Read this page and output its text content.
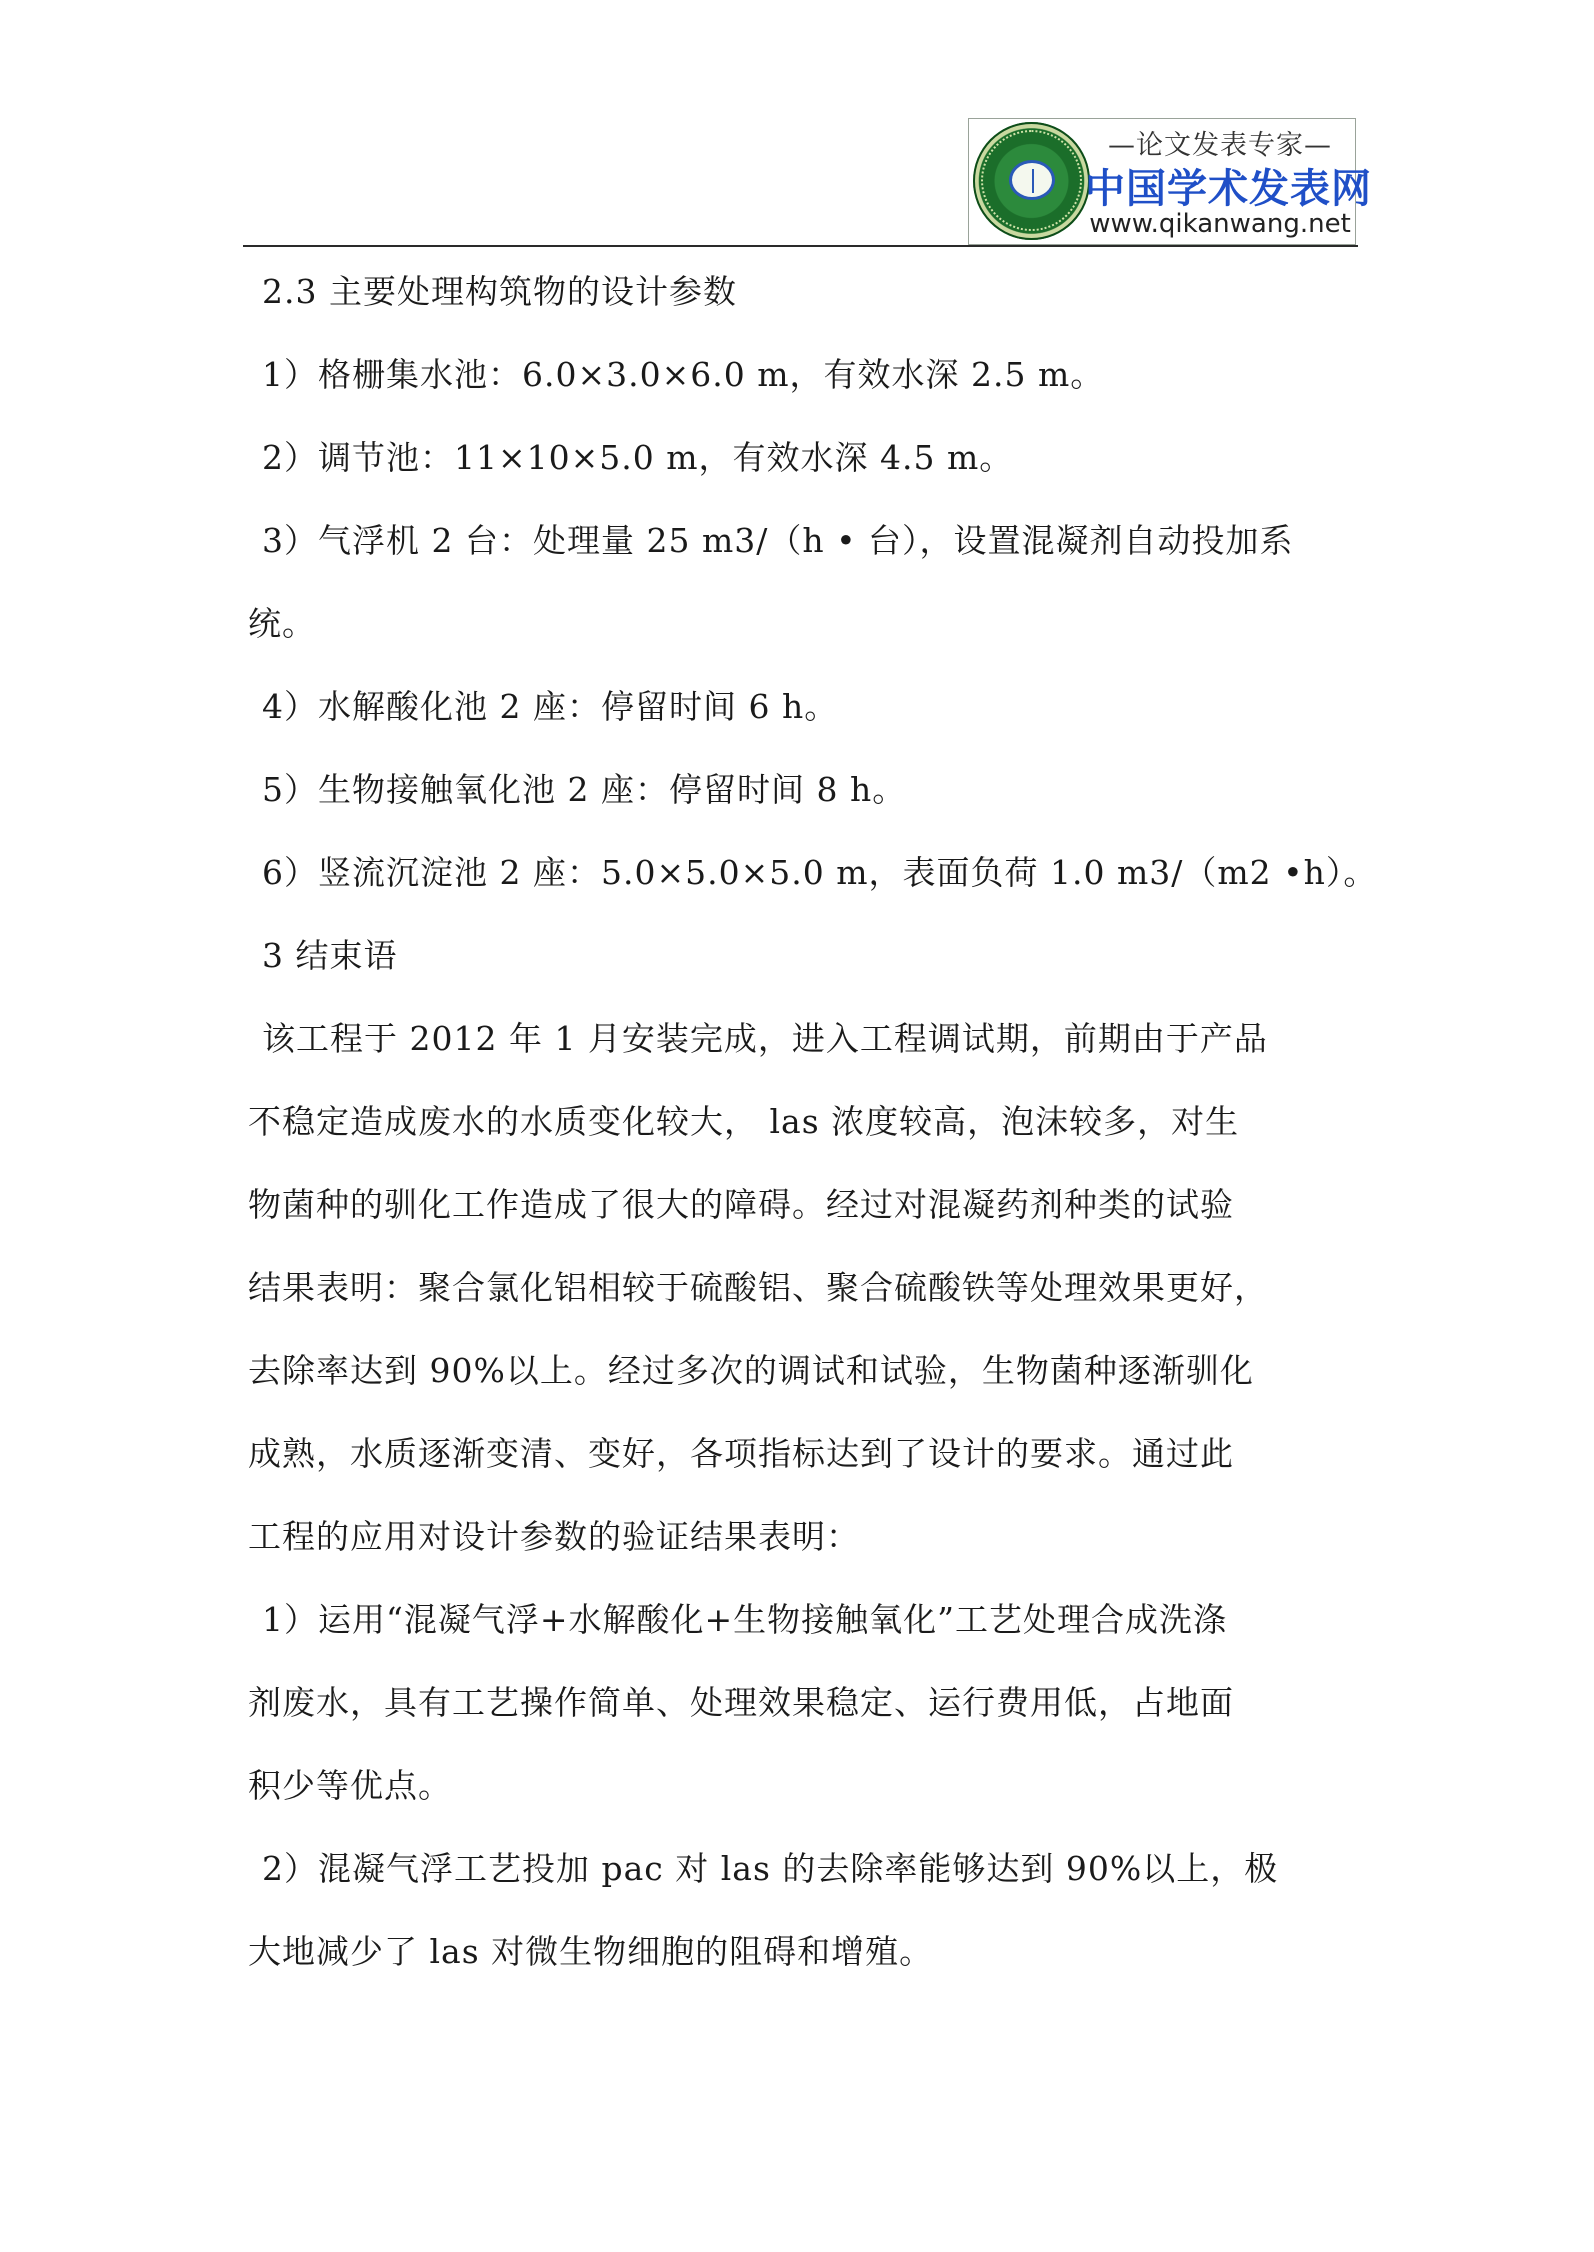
—论文发表专家—
中国学术发表网
www.qikanwang.net
2.3 主要处理构筑物的设计参数
1）格栅集水池：6.0×3.0×6.0 m，有效水深 2.5 m。
2）调节池：11×10×5.0 m，有效水深 4.5 m。
3）气浮机 2 台：处理量 25 m3/（h • 台），设置混凝剂自动投加系
统。
4）水解酸化池 2 座：停留时间 6 h。
5）生物接触氧化池 2 座：停留时间 8 h。
6）竖流沉淀池 2 座：5.0×5.0×5.0 m，表面负荷 1.0 m3/（m2 •h）。
3 结束语
该工程于 2012 年 1 月安装完成，进入工程调试期，前期由于产品
不稳定造成废水的水质变化较大， las 浓度较高，泡沫较多，对生
物菌种的驯化工作造成了很大的障碍。经过对混凝药剂种类的试验
结果表明：聚合氯化铝相较于硫酸铝、聚合硫酸铁等处理效果更好，
去除率达到 90%以上。经过多次的调试和试验，生物菌种逐渐驯化
成熟，水质逐渐变清、变好，各项指标达到了设计的要求。通过此
工程的应用对设计参数的验证结果表明：
1）运用“混凝气浮+水解酸化+生物接触氧化”工艺处理合成洗涤
剂废水，具有工艺操作简单、处理效果稳定、运行费用低，占地面
积少等优点。
2）混凝气浮工艺投加 pac 对 las 的去除率能够达到 90%以上，极
大地减少了 las 对微生物细胞的阻碍和增殖。
